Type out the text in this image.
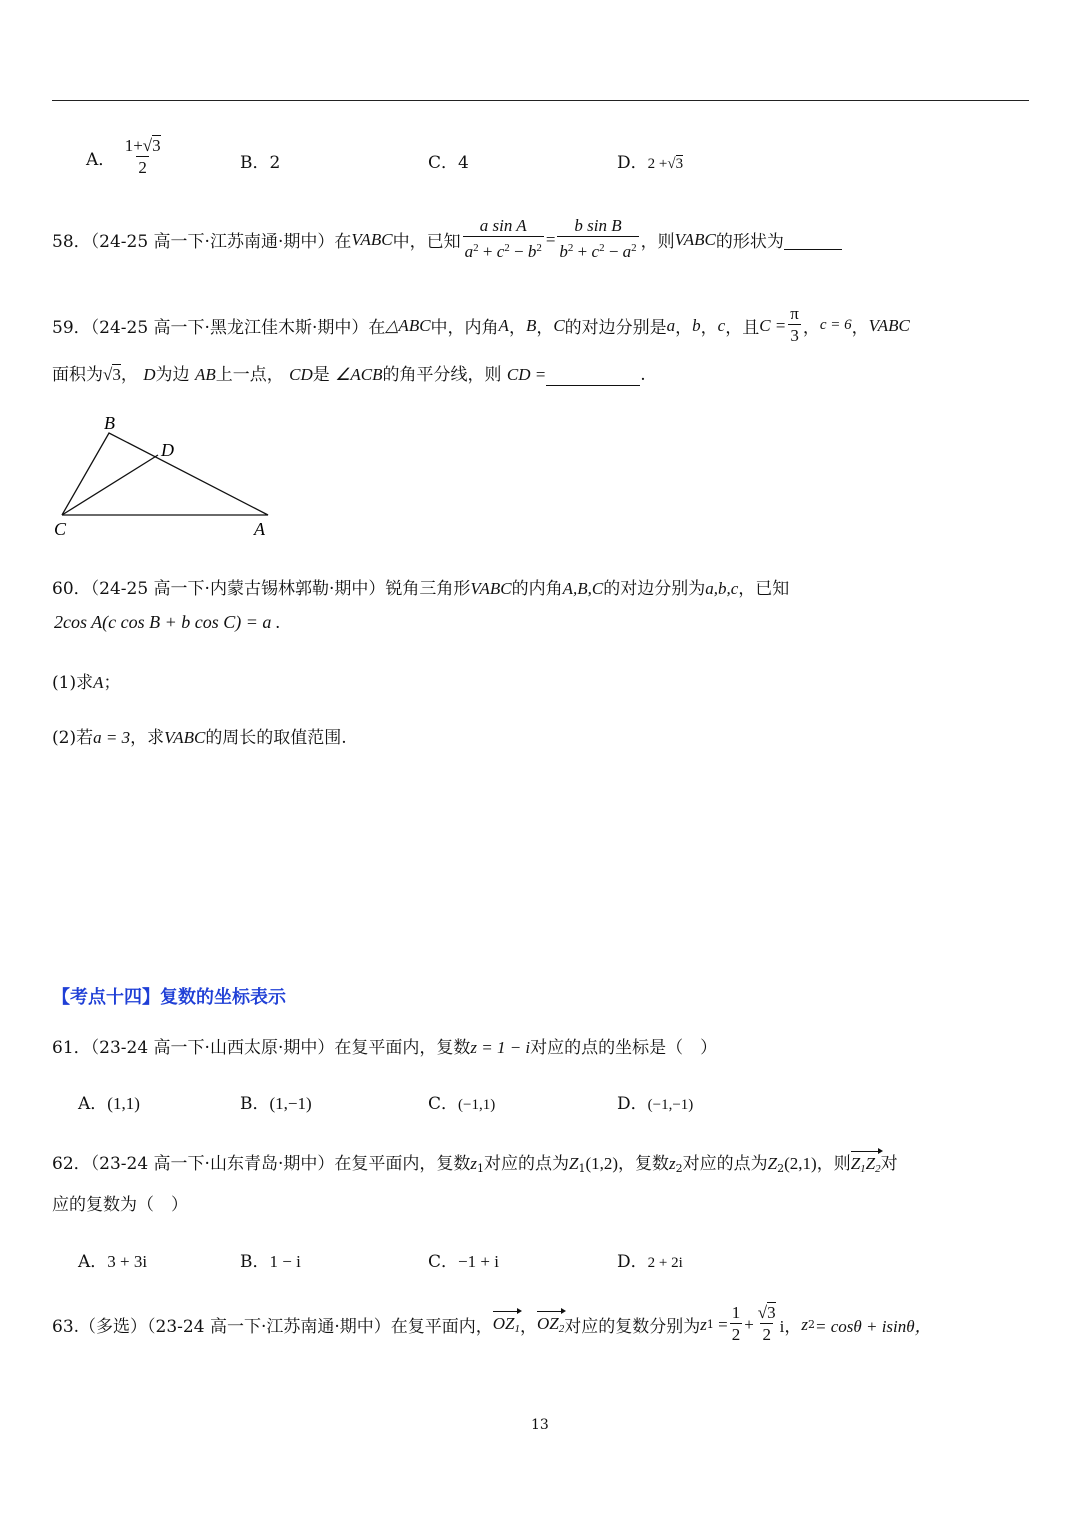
A． $\frac{1+√3}{2}$	B．2	C．4	D．2 +√3
58．（24-25 高一下·江苏南通·期中）在 VABC 中，已知 $\frac{\text{a sin A}}{a^2 + c^2 - b^2} = \frac{\text{b sin B}}{b^2 + c^2 - a^2}$ ，则 VABC 的形状为

59．（24-25 高一下·黑龙江佳木斯·期中）在 △ABC 中，内角 A ， B ， C 的对边分别是 a ， b ， c ，且 $C = \frac{\pi}{3}$ ， c = 6 ， VABC
面积为√3， D为边 AB上一点， CD是 ∠ACB的角平分线，则 CD =	.
B
D
C	A
60．（24-25 高一下·内蒙古锡林郭勒·期中）锐角三角形VABC的内角A,B,C的对边分别为a,b,c，已知
2cos A(c cos B + b cos C) = a .
(1)求A；
(2)若a = 3，求VABC的周长的取值范围.
【考点十四】复数的坐标表示
61．（23-24 高一下·山西太原·期中）在复平面内，复数z = 1 − i对应的点的坐标是（　）
A．(1,1)	B．(1,−1)	C．(−1,1)	D．(−1,−1)
62．（23-24 高一下·山东青岛·期中）在复平面内，复数$z_1$对应的点为$Z_1(1,2)$，复数$z_2$对应的点为$Z_2(2,1)$，则$Z_1Z_2$对
应的复数为（　）
A．3 + 3i	B．1 − i	C．−1 + i	D．2 + 2i
63.（多选）（23-24 高一下·江苏南通·期中）在复平面内， $OZ_1$ ， $OZ_2$ 对应的复数分别为 z $1 = \frac{1}{2} + \frac{√3}{2}$ i， z 2 = cosθ + isinθ，
13
